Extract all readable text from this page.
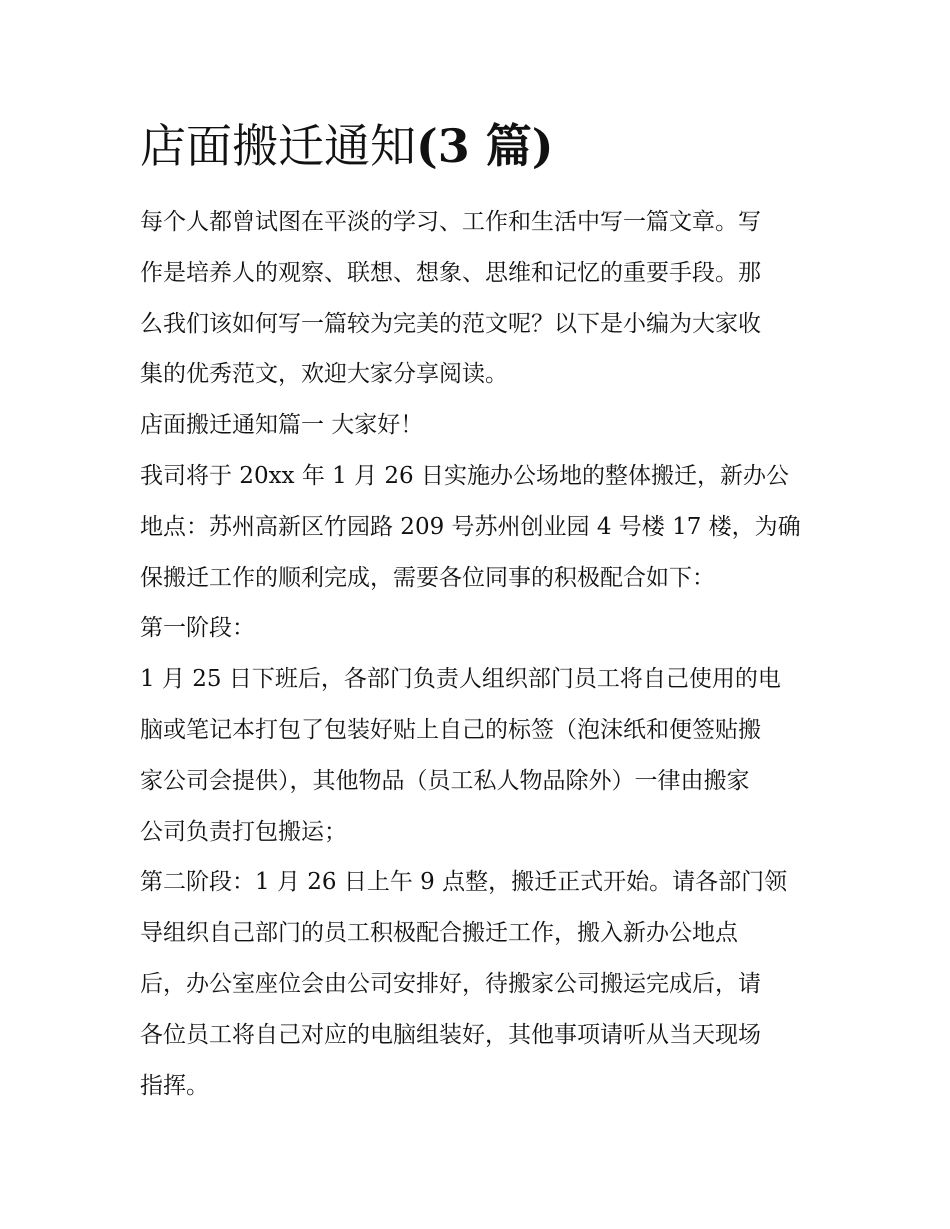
店面搬迁通知(3 篇)

每个人都曾试图在平淡的学习、工作和生活中写一篇文章。写

作是培养人的观察、联想、想象、思维和记忆的重要手段。那

么我们该如何写一篇较为完美的范文呢？以下是小编为大家收

集的优秀范文，欢迎大家分享阅读。

店面搬迁通知篇一 大家好！

我司将于 20xx 年 1 月 26 日实施办公场地的整体搬迁，新办公

地点：苏州高新区竹园路 209 号苏州创业园 4 号楼 17 楼，为确

保搬迁工作的顺利完成，需要各位同事的积极配合如下：

第一阶段：

1 月 25 日下班后，各部门负责人组织部门员工将自己使用的电

脑或笔记本打包了包装好贴上自己的标签（泡沫纸和便签贴搬

家公司会提供），其他物品（员工私人物品除外）一律由搬家

公司负责打包搬运；

第二阶段：1 月 26 日上午 9 点整，搬迁正式开始。请各部门领

导组织自己部门的员工积极配合搬迁工作，搬入新办公地点

后，办公室座位会由公司安排好，待搬家公司搬运完成后，请

各位员工将自己对应的电脑组装好，其他事项请听从当天现场

指挥。
